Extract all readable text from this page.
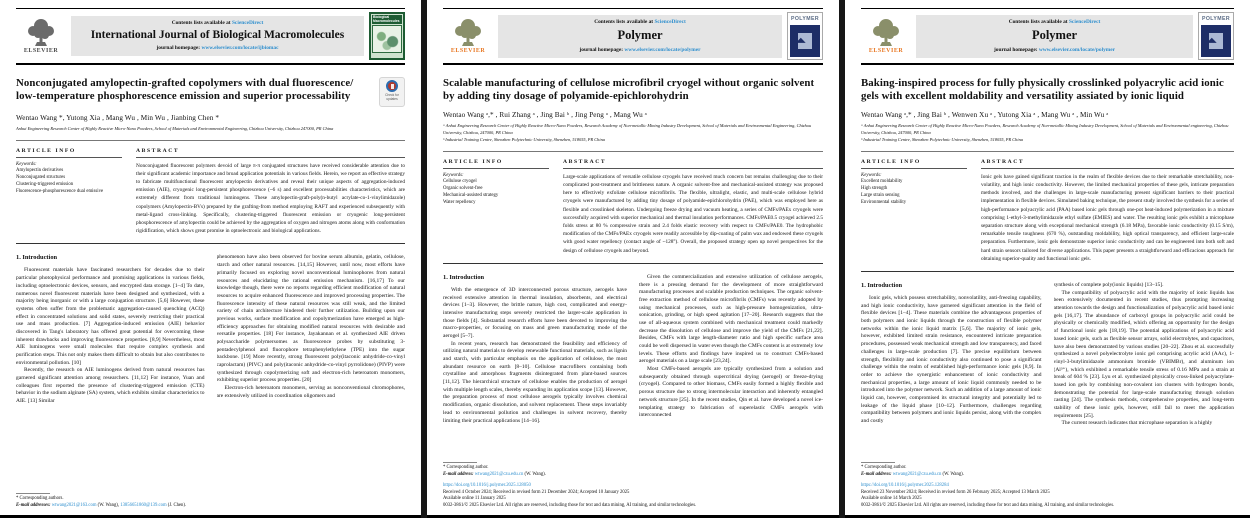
ELSEVIER
Contents lists available at ScienceDirect
International Journal of Biological Macromolecules
journal homepage: www.elsevier.com/locate/ijbiomac
Biological Macromolecules
Nonconjugated amylopectin-grafted copolymers with dual fluorescence/ low-temperature phosphorescence emission and superior processability	Check for updates
Wentao Wang *, Yutong Xia , Mang Wu , Min Wu , Jianbing Chen *
Anhui Engineering Research Center of Highly Reactive Micro-Nano Powders, School of Materials and Environmental Engineering, Chizhou University, Chizhou 247000, PR China
ARTICLE INFO
Keywords:
Amylopectin derivatives
Nonconjugated structures
Clustering-triggered emission
Fluorescence-phosphorescence dual emissive
ABSTRACT
Nonconjugated fluorescent polymers devoid of large π-π conjugated structures have received considerable attention due to their significant academic importance and broad application potentials in various fields. Herein, we report an effective strategy to fabricate multifunctional fluorescent amylopectin derivatives and reveal their unique aspects of aggregation-induced emission (AIE), cryogenic long-persistent phosphorescence (~6 s) and excellent processabilities characteristics, which are extremely different from traditional luminogens. These amylopectin-graft-poly(n-butyl acrylate-co-1-vinylimidazole) copolymers (Amylopectin-BVs) prepared by the grafting-from method employing RAFT and experienced subsequently with metal-ligand cross-linking. Specifically, clustering-triggered fluorescent emission or cryogenic long-persistent phosphorescence of amylopectin could be achieved by the aggregation of oxygen and nitrogen atoms along with conformation rigidification, which shows great promise in optoelectronic and biological applications.
1. Introduction
Fluorescent materials have fascinated researchers for decades due to their particular photophysical performance and promising applications in various fields, including optoelectronic devices, sensors, and encrypted data storage. [1–4] To date, numerous novel fluorescent materials have been designed and synthesized, with a majority being inorganic or with a large conjugation structure. [5,6] However, these systems often suffer from the problematic aggregation-caused quenching (ACQ) effect in concentrated solutions and solid states, severely restricting their practical use and mass production. [7] Aggregation-induced emission (AIE) behavior discovered in Tang's laboratory has offered great potential for overcoming these inherent drawbacks and improving fluorescence properties. [8,9] Nevertheless, most AIE luminogens were small molecules that require complex synthesis and purification steps. This not only makes them difficult to obtain but also contributes to environmental pollution. [10]
Recently, the research on AIE luminogens derived from natural resources has garnered significant attention among researchers. [11,12] For instance, Yuan and colleagues first reported the presence of clustering-triggered emission (CTE) behavior in the sodium alginate (SA) system, which exhibits similar characteristics to AIE. [13] Similar
phenomenon have also been observed for bovine serum albumin, gelatin, cellulose, starch and other natural resources. [14,15] However, until now, most efforts have primarily focused on exploring novel unconventional luminophores from natural resources and elucidating the rational emission mechanism. [16,17] To our knowledge though, there were no reports regarding efficient modification of natural resources to acquire enhanced fluorescence and improved processing properties. The fluorescence intensity of these natural resources was still weak, and the limited variety of chain architecture hindered their further utilization. Building upon our previous works, surface modification and copolymerization have emerged as high-efficiency approaches for obtaining modified natural resources with desirable and versatile properties. [18] For instance, Jayakannan et al. synthesized AIE driven polysaccharide polymersomes as fluorescence probes by substituting 3-pentadecylphenol and fluorophore tetraphenylethylene (TPE) into the sugar backbone. [19] More recently, strong fluorescent poly(itaconic anhydride-co-vinyl caprolactam) (PIVC) and poly(itaconic anhydride-co-vinyl pyrrolidone) (PIVP) were synthesized through copolymerizing soft and electron-rich heteroatom monomers, exhibiting superior process properties. [20]
Electron-rich heteroatom monomers, serving as nonconventional chromophores, are extensively utilized in coordination oligomers and
* Corresponding authors.
E-mail addresses: wtwang2021@163.com (W. Wang), 13856651860@139.com (J. Chen).
ELSEVIER
Contents lists available at ScienceDirect
Polymer
journal homepage: www.elsevier.com/locate/polymer
POLYMER
Scalable manufacturing of cellulose microfibril cryogel without organic solvent by adding tiny dosage of polyamide-epichlorohydrin
Wentao Wang ᵃ,* , Rui Zhang ᵃ , Jing Bai ᵇ , Jing Peng ᵃ , Mang Wu ᵃ
ᵃ Anhui Engineering Research Center of Highly Reactive Micro-Nano Powders, Research Academy of Non-metallic Mining Industry Development, School of Materials and Environmental Engineering, Chizhou University, Chizhou, 247000, PR China
ᵇ Industrial Training Centre, Shenzhen Polytechnic University, Shenzhen, 518055, PR China
ARTICLE INFO
Keywords:
Cellulose cryogel
Organic solvent-free
Mechanical-assisted strategy
Water repellency
ABSTRACT
Large-scale applications of versatile cellulose cryogels have received much concern but remains challenging due to their complicated post-treatment and brittleness nature. A organic solvent-free and mechanical-assisted strategy was proposed here to effectively exfoliate cellulose microfibrils. The flexible, ultralight, elastic, and multi-scale cellulose hybrid cryogels were manufactured by adding tiny dosage of polyamide-epichlorohydrin (PAE), which was employed here as flexible and crosslinked skeleton. Undergoing freeze drying and vacuum heating, a series of CMFs/PAEx cryogels were successfully acquired with superior mechanical and thermal insulation performances. CMFs/PAE0.5 cryogel achieved 2.5 folds stress at 80 % compressive strain and 2.4 folds elastic recovery with respect to CMFs/PAE0. The hydrophobic modification of the CMFs/PAEx cryogels were readily accessible by dip-coating of palm wax and endowed these cryogels with good water repellency (contact angle of ~128°). Overall, the proposed strategy open up novel perspectives for the design of cellulose cryogels and beyond.
1. Introduction
With the emergence of 3D interconnected porous structure, aerogels have received extensive attention in thermal insulation, absorbents, and electrical devices [1–3]. However, the brittle nature, high cost, complicated and energy-intensive manufacturing steps severely restricted the larger-scale application in those fields [4]. Substantial research efforts have been devoted to improving the macro-properties, or focusing on mass and green manufacturing mode of the aerogel [5–7].
In recent years, research has demonstrated the feasibility and efficiency of utilizing natural materials to develop renewable functional materials, such as lignin and starch, with particular emphasis on the application of cellulose, the most abundant resource on earth [8–10]. Cellulose macrofibers containing both crystalline and amorphous fragments disintegrated from plant-based sources [11,12]. The hierarchical structure of cellulose enables the production of aerogel with multiple length scales, thereby expanding its application scope [13]. However, the preparation process of most cellulose aerogels typically involves chemical modification, organic dissolution, and solvent replacement. These steps invariably lead to environmental pollution and challenges in solvent recovery, thereby limiting their practical applications [14–16].
Given the commercialization and extensive utilization of cellulose aerogels, there is a pressing demand for the development of more straightforward manufacturing processes and scalable production techniques. The organic solvent-free extraction method of cellulose microfibrils (CMFs) was recently adopted by using mechanical processes, such as high-pressure homogenization, ultra-sonication, grinding, or high speed agitation [17–20]. Research suggests that the use of all-aqueous system combined with mechanical treatment could markedly decrease the dissolution of cellulose and improve the yield of the CMFs [21,22]. Besides, CMFs with large length-diameter ratio and high specific surface area could be well dispersed in water even though the CMFs content is at extremely low levels. These efforts and findings have inspired us to construct CMFs-based aerogel materials on a large scale [23,24].
Most CMFs-based aerogels are typically synthesized from a solution and subsequently obtained through supercritical drying (aerogel) or freeze-drying (cryogel). Compared to other biomass, CMFs easily formed a highly flexible and porous structure due to strong intermolecular interaction and inherently entangled network structure [25]. In the recent studies, Qin et al. have developed a novel ice-templating strategy to fabrication of superelastic CMFs aerogels with interconnected
* Corresponding author.
E-mail address: wtwang2021@czu.edu.cn (W. Wang).
https://doi.org/10.1016/j.polymer.2025.128050
Received 4 October 2024; Received in revised form 21 December 2024; Accepted 10 January 2025
Available online 11 January 2025
0032-3861/© 2025 Elsevier Ltd. All rights are reserved, including those for text and data mining, AI training, and similar technologies.
ELSEVIER
Contents lists available at ScienceDirect
Polymer
journal homepage: www.elsevier.com/locate/polymer
POLYMER
Baking-inspired process for fully physically crosslinked polyacrylic acid ionic gels with excellent moldability and versatility assiated by ionic liquid
Wentao Wang ᵃ,* , Jing Bai ᵇ , Wenwen Xu ᵃ , Yutong Xia ᵃ , Mang Wu ᵃ , Min Wu ᵃ
ᵃ Anhui Engineering Research Center of Highly Reactive Micro-Nano Powders, Research Academy of Non-metallic Mining Industry Development, School of Materials and Environmental engineering, Chizhou University, Chizhou, 247000, PR China
ᵇ Industrial Training Centre, Shenzhen Polytechnic University, Shenzhen, 518055, PR China
ARTICLE INFO
Keywords:
Excellent moldability
High strength
Large strain sensing
Environmental stability
ABSTRACT
Ionic gels have gained significant traction in the realm of flexible devices due to their remarkable stretchability, non-volatility, and high ionic conductivity. However, the limited mechanical properties of these gels, intricate preparation methods involved, and the challenges in large-scale manufacturing present significant barriers to their practical implementation in flexible devices. Simulated baking technique, the present study involved the synthesis for a series of high-performance polyacrylic acid (PAA) based ionic gels through one-pot heat-induced polymerization in a mixture comprising 1-ethyl-3-methylimidazole ethyl sulfate (EMIES) and water. The resulting ionic gels exhibit a microphase separation structure along with exceptional mechanical strength (6.18 MPa), favorable ionic conductivity (0.15 S/m), remarkable tensile toughness (670 %), outstanding moldability, high optical transparency, and efficient large-scale preparation. Furthermore, ionic gels demonstrate superior ionic conductivity and can be engineered into both soft and hard strain sensors tailored for diverse applications. This paper presents a straightforward and efficacious approach for obtaining superior-quality and functional ionic gels.
1. Introduction
Ionic gels, which possess stretchability, nonvolatility, anti-freezing capability, and high ionic conductivity, have garnered significant attention in the field of flexible devices [1–4]. These materials combine the advantageous properties of both polymers and ionic liquids through the construction of flexible polymer networks within the ionic liquid matrix [5,6]. The majority of ionic gels, however, exhibited limited strain resistance, encountered intricate preparation procedures, possessed weak mechanical strength and low transparency, and faced challenges in large-scale production [7]. The precise equilibrium between strength, flexibility and ionic conductivity also continued to pose a significant challenge within the realm of established high-performance ionic gels [8,9]. In order to achieve the synergistic enhancement of ionic conductivity and mechanical properties, a large amount of ionic liquid commonly needed to be introduced into the polymer network. Such an addition of a large amount of ionic liquid can, however, compromised its structural integrity and potentially led to leakage of the liquid phase [10–12]. Furthermore, challenges regarding compatibility between polymers and ionic liquids persist, along with the complex and costly
synthesis of complete poly(ionic liquids) [13–15].
The compatibility of polyacrylic acid with the majority of ionic liquids has been extensively documented in recent studies, thus prompting increasing attention towards the design and functionalization of polyacrylic acid based ionic gels [16,17]. The abundance of carboxyl groups in polyacrylic acid could be physically or chemically modified, which offering an opportunity for the design of functional ionic gels [18,19]. The potential applications of polyacrylic acid based ionic gels, such as flexible sensor arrays, solid electrolytes, and capacitors, have also been demonstrated by various studies [20–22]. Zhou et al. successfully synthesized a novel polyelectrolyte ionic gel comprising acrylic acid (AAc), 1-vinyl-3-butylimidazole ammonium bromide (VBIMBr), and aluminum ion (Al³⁺), which exhibited a remarkable tensile stress of 0.16 MPa and a strain at break of 604 % [23]. Lyu et al. synthesized physically cross-linked polyacrylate-based ion gels by combining non-covalent ion clusters with hydrogen bonds, demonstrating the potential for large-scale manufacturing through solution casting [24]. The synthesis methods, comprehensive properties, and long-term stability of these ionic gels, however, still fail to meet the application requirements [25].
The current research indicates that microphase separation is a highly
* Corresponding author.
E-mail address: wtwang2021@czu.edu.cn (W. Wang).
https://doi.org/10.1016/j.polymer.2025.128284
Received 23 November 2024; Received in revised form 26 February 2025; Accepted 13 March 2025
Available online 14 March 2025
0032-3861/© 2025 Elsevier Ltd. All rights are reserved, including those for text and data mining, AI training, and similar technologies.
